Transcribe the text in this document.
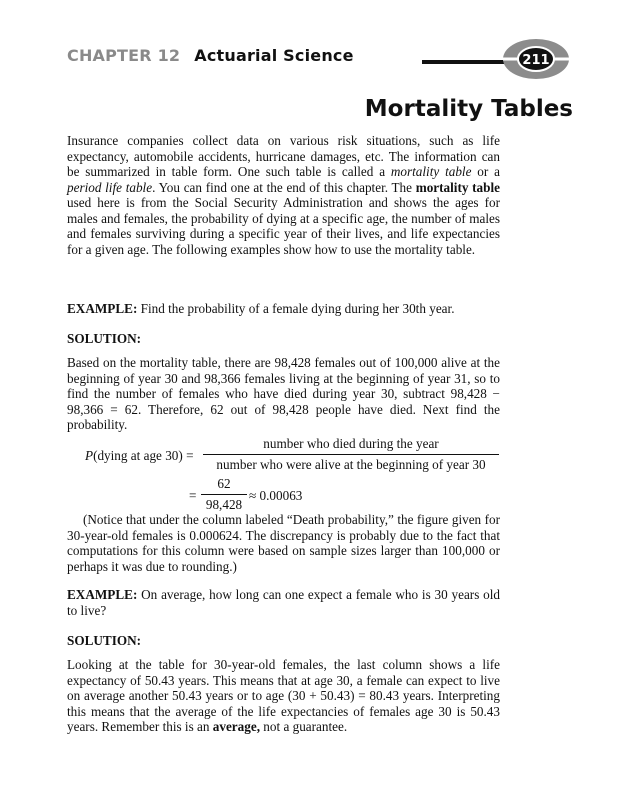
CHAPTER 12 Actuarial Science	211
Mortality Tables

Insurance companies collect data on various risk situations, such as life expectancy, automobile accidents, hurricane damages, etc. The information can be summarized in table form. One such table is called a mortality table or a period life table. You can find one at the end of this chapter. The mortality table used here is from the Social Security Administration and shows the ages for males and females, the probability of dying at a specific age, the number of males and females surviving during a specific year of their lives, and life expectancies for a given age. The following examples show how to use the mortality table.

EXAMPLE: Find the probability of a female dying during her 30th year.

SOLUTION:

Based on the mortality table, there are 98,428 females out of 100,000 alive at the beginning of year 30 and 98,366 females living at the beginning of year 31, so to find the number of females who have died during year 30, subtract 98,428 − 98,366 = 62. Therefore, 62 out of 98,428 people have died. Next find the probability.

P(dying at age 30) =
number who died during the year
number who were alive at the beginning of year 30
= $\frac{62}{98,428} \approx 0.00063$

(Notice that under the column labeled “Death probability,” the figure given for 30-year-old females is 0.000624. The discrepancy is probably due to the fact that computations for this column were based on sample sizes larger than 100,000 or perhaps it was due to rounding.)

EXAMPLE: On average, how long can one expect a female who is 30 years old to live?

SOLUTION:

Looking at the table for 30-year-old females, the last column shows a life expectancy of 50.43 years. This means that at age 30, a female can expect to live on average another 50.43 years or to age (30 + 50.43) = 80.43 years. Interpreting this means that the average of the life expectancies of females age 30 is 50.43 years. Remember this is an average, not a guarantee.
